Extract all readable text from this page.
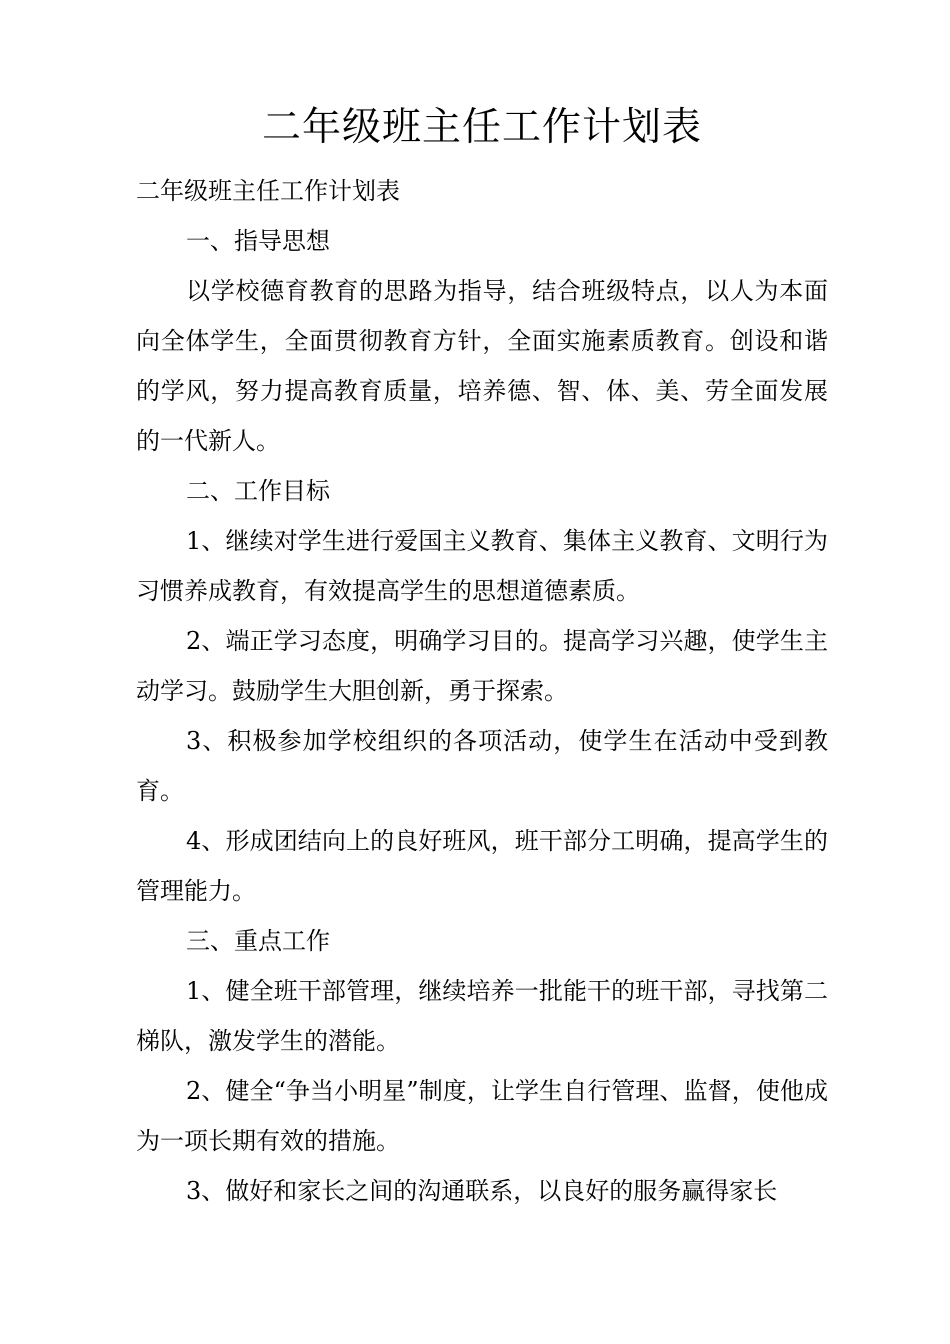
二年级班主任工作计划表

二年级班主任工作计划表

一、指导思想

以学校德育教育的思路为指导，结合班级特点，以人为本面向全体学生，全面贯彻教育方针，全面实施素质教育。创设和谐的学风，努力提高教育质量，培养德、智、体、美、劳全面发展的一代新人。

二、工作目标

1、继续对学生进行爱国主义教育、集体主义教育、文明行为习惯养成教育，有效提高学生的思想道德素质。

2、端正学习态度，明确学习目的。提高学习兴趣，使学生主动学习。鼓励学生大胆创新，勇于探索。

3、积极参加学校组织的各项活动，使学生在活动中受到教育。

4、形成团结向上的良好班风，班干部分工明确，提高学生的管理能力。

三、重点工作

1、健全班干部管理，继续培养一批能干的班干部，寻找第二梯队，激发学生的潜能。

2、健全“争当小明星”制度，让学生自行管理、监督，使他成为一项长期有效的措施。

3、做好和家长之间的沟通联系，以良好的服务赢得家长
